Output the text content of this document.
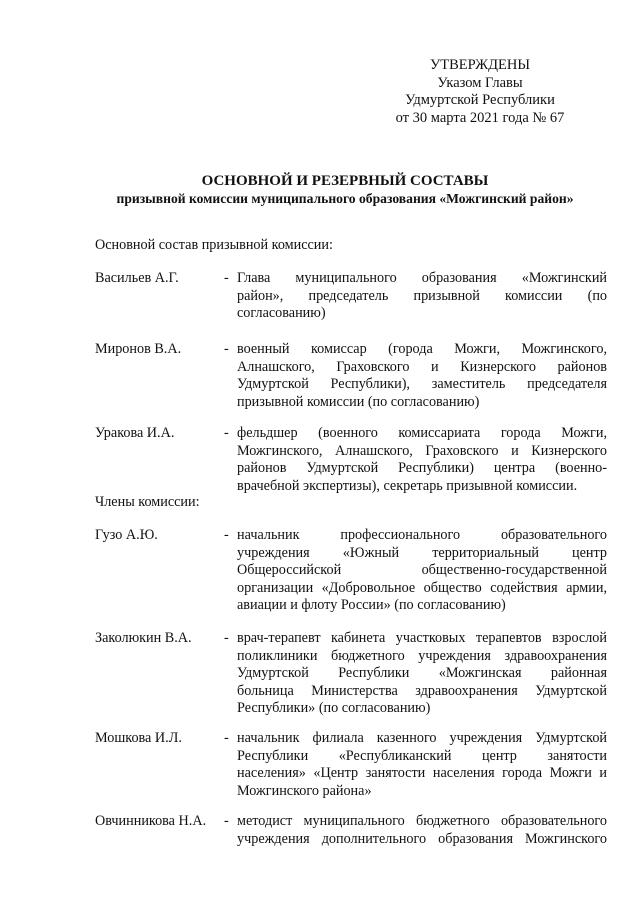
УТВЕРЖДЕНЫ
Указом Главы
Удмуртской Республики
от 30 марта 2021 года № 67
ОСНОВНОЙ И РЕЗЕРВНЫЙ СОСТАВЫ
призывной комиссии муниципального образования «Можгинский район»
Основной состав призывной комиссии:
Васильев А.Г.	- Глава муниципального образования «Можгинский
район», председатель призывной комиссии (по
согласованию)
Миронов В.А.	- военный комиссар (города Можги, Можгинского,
Алнашского, Граховского и Кизнерского районов
Удмуртской Республики), заместитель председателя
призывной комиссии (по согласованию)
Уракова И.А.	- фельдшер (военного комиссариата города Можги,
Можгинского, Алнашского, Граховского и Кизнерского
районов Удмуртской Республики) центра (военно-
врачебной экспертизы), секретарь призывной комиссии.
Члены комиссии:
Гузо А.Ю.	- начальник профессионального образовательного
учреждения «Южный территориальный центр
Общероссийской общественно-государственной
организации «Добровольное общество содействия армии,
авиации и флоту России» (по согласованию)
Заколюкин В.А. - врач-терапевт кабинета участковых терапевтов взрослой
поликлиники бюджетного учреждения здравоохранения
Удмуртской Республики «Можгинская районная
больница Министерства здравоохранения Удмуртской
Республики» (по согласованию)
Мошкова И.Л.	- начальник филиала казенного учреждения Удмуртской
Республики «Республиканский центр занятости
населения» «Центр занятости населения города Можги и
Можгинского района»
Овчинникова Н.А. - методист муниципального бюджетного образовательного
учреждения дополнительного образования Можгинского
